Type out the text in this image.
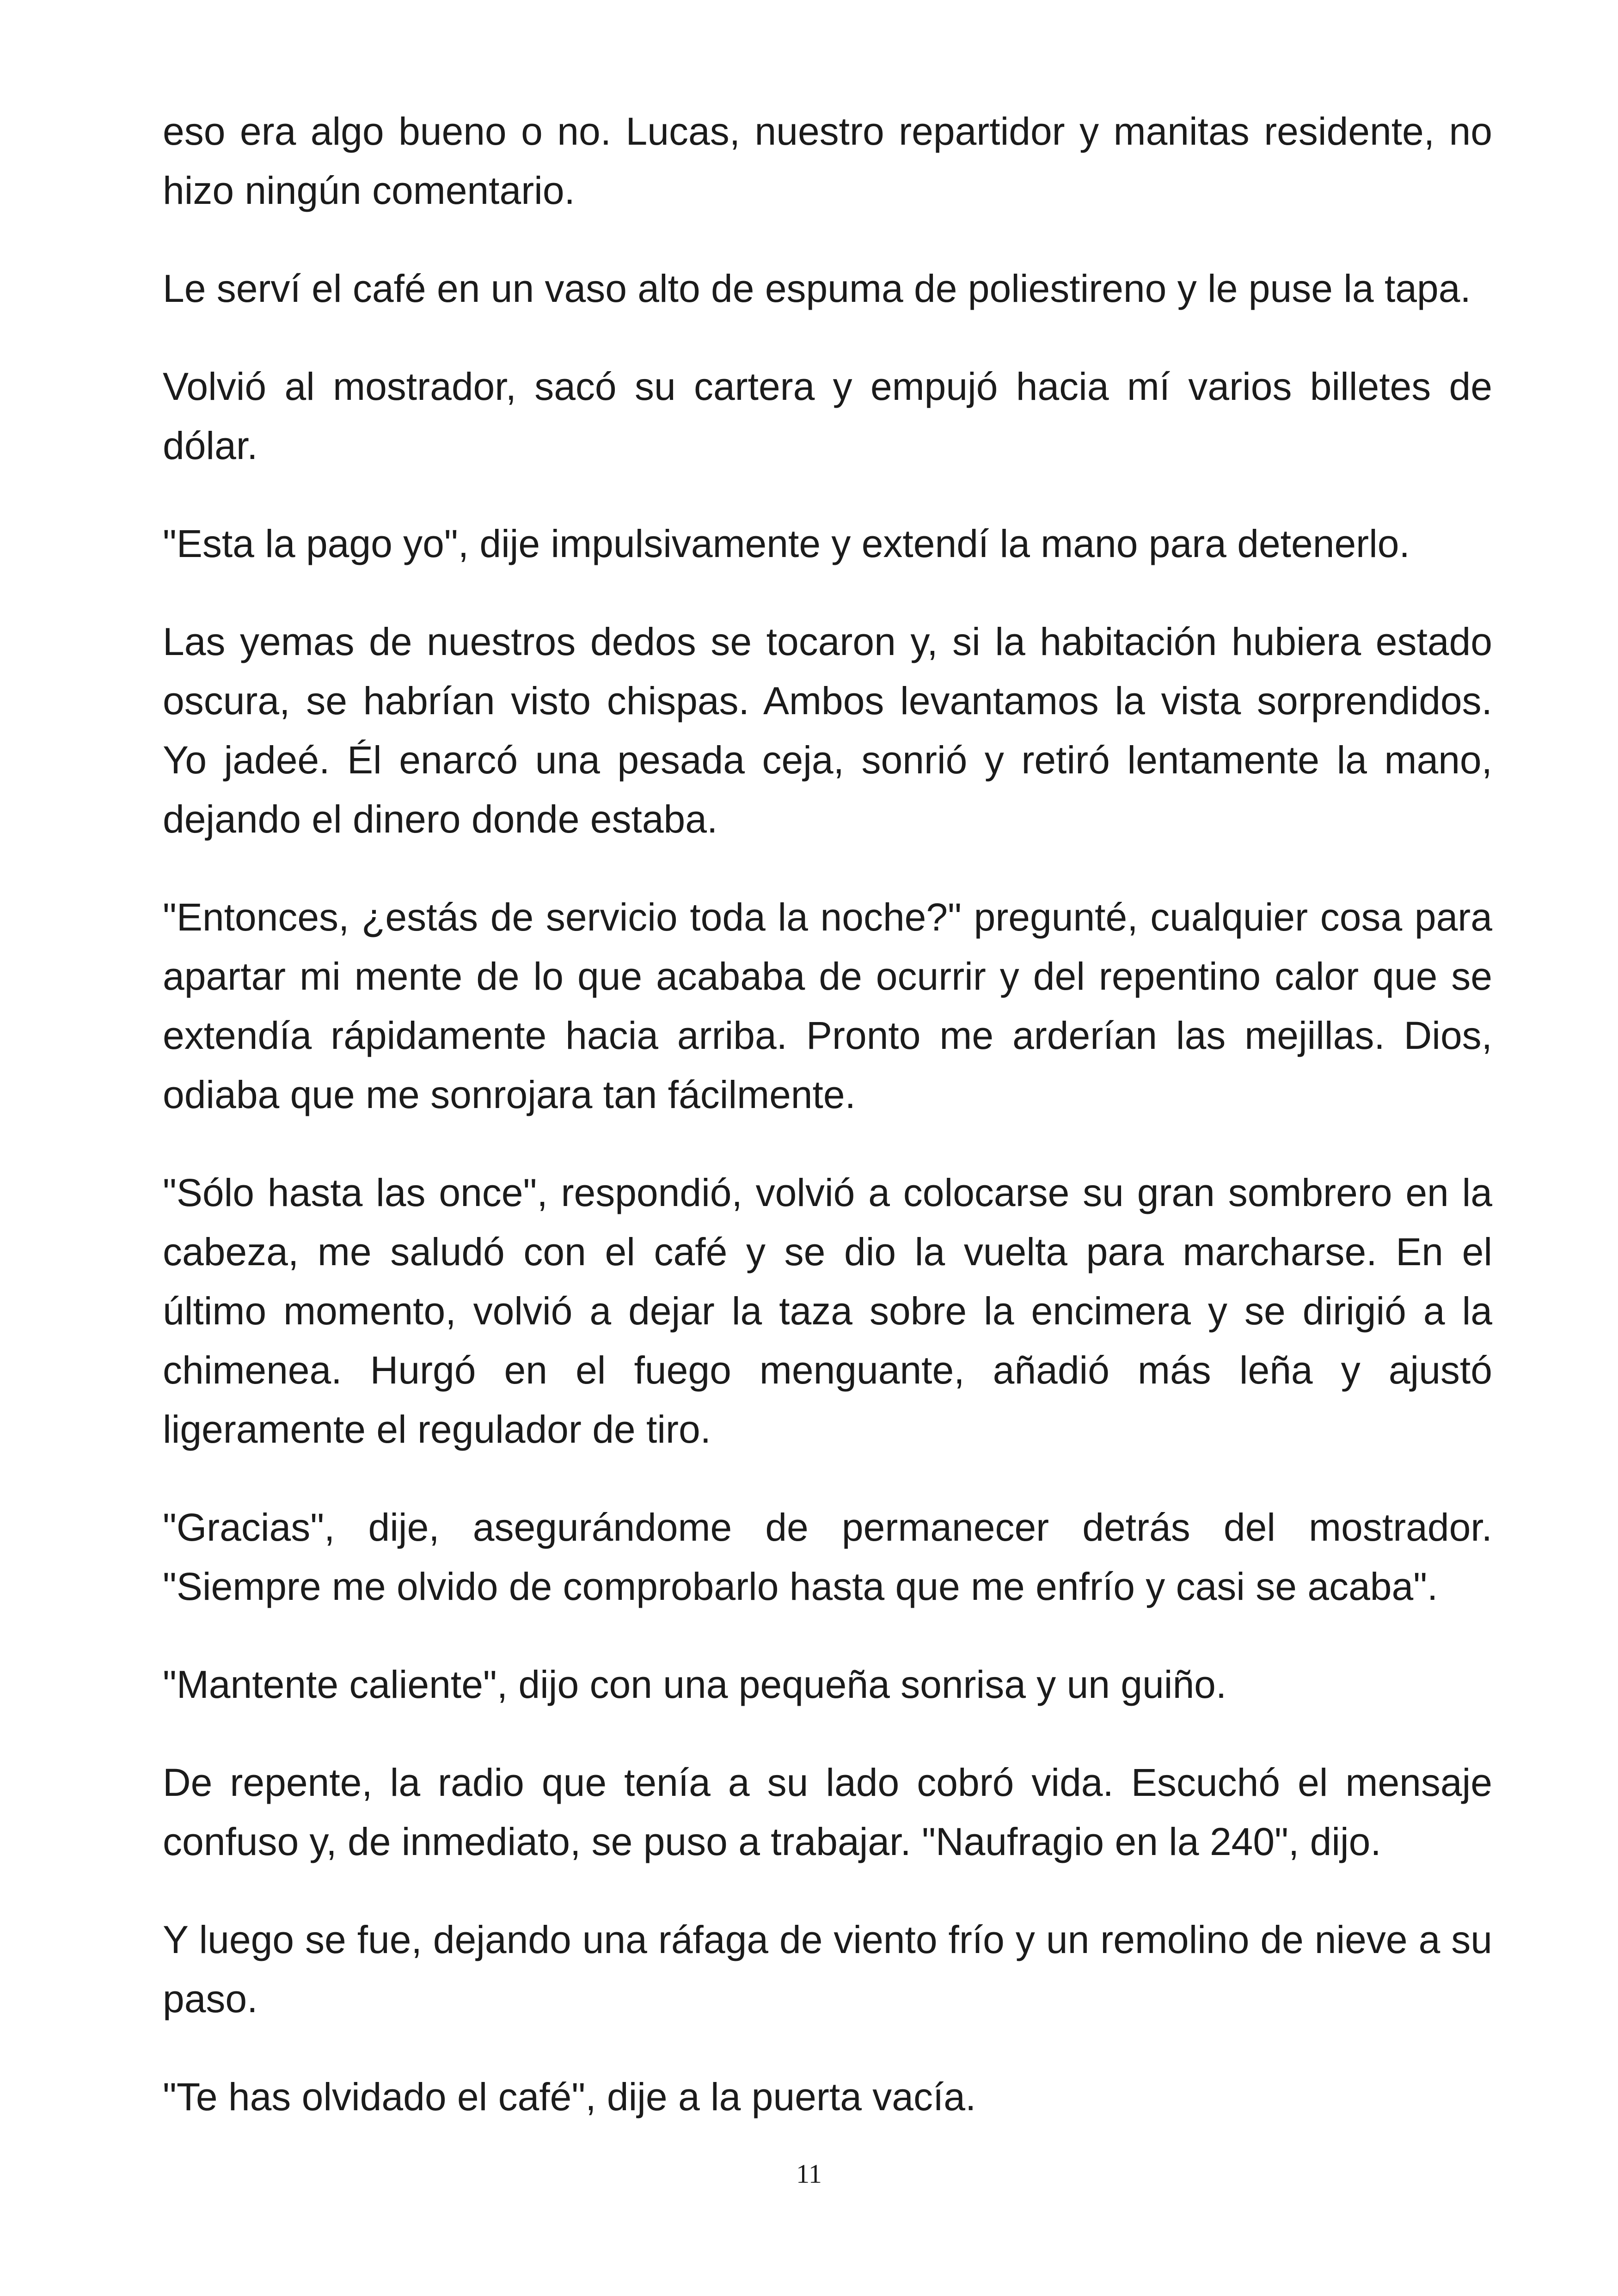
eso era algo bueno o no. Lucas, nuestro repartidor y manitas residente, no hizo ningún comentario.

Le serví el café en un vaso alto de espuma de poliestireno y le puse la tapa.

Volvió al mostrador, sacó su cartera y empujó hacia mí varios billetes de dólar.

"Esta la pago yo", dije impulsivamente y extendí la mano para detenerlo.

Las yemas de nuestros dedos se tocaron y, si la habitación hubiera estado oscura, se habrían visto chispas. Ambos levantamos la vista sorprendidos. Yo jadeé. Él enarcó una pesada ceja, sonrió y retiró lentamente la mano, dejando el dinero donde estaba.

"Entonces, ¿estás de servicio toda la noche?" pregunté, cualquier cosa para apartar mi mente de lo que acababa de ocurrir y del repentino calor que se extendía rápidamente hacia arriba. Pronto me arderían las mejillas. Dios, odiaba que me sonrojara tan fácilmente.

"Sólo hasta las once", respondió, volvió a colocarse su gran sombrero en la cabeza, me saludó con el café y se dio la vuelta para marcharse. En el último momento, volvió a dejar la taza sobre la encimera y se dirigió a la chimenea. Hurgó en el fuego menguante, añadió más leña y ajustó ligeramente el regulador de tiro.

"Gracias", dije, asegurándome de permanecer detrás del mostrador. "Siempre me olvido de comprobarlo hasta que me enfrío y casi se acaba".

"Mantente caliente", dijo con una pequeña sonrisa y un guiño.

De repente, la radio que tenía a su lado cobró vida. Escuchó el mensaje confuso y, de inmediato, se puso a trabajar. "Naufragio en la 240", dijo.

Y luego se fue, dejando una ráfaga de viento frío y un remolino de nieve a su paso.

"Te has olvidado el café", dije a la puerta vacía.

11
